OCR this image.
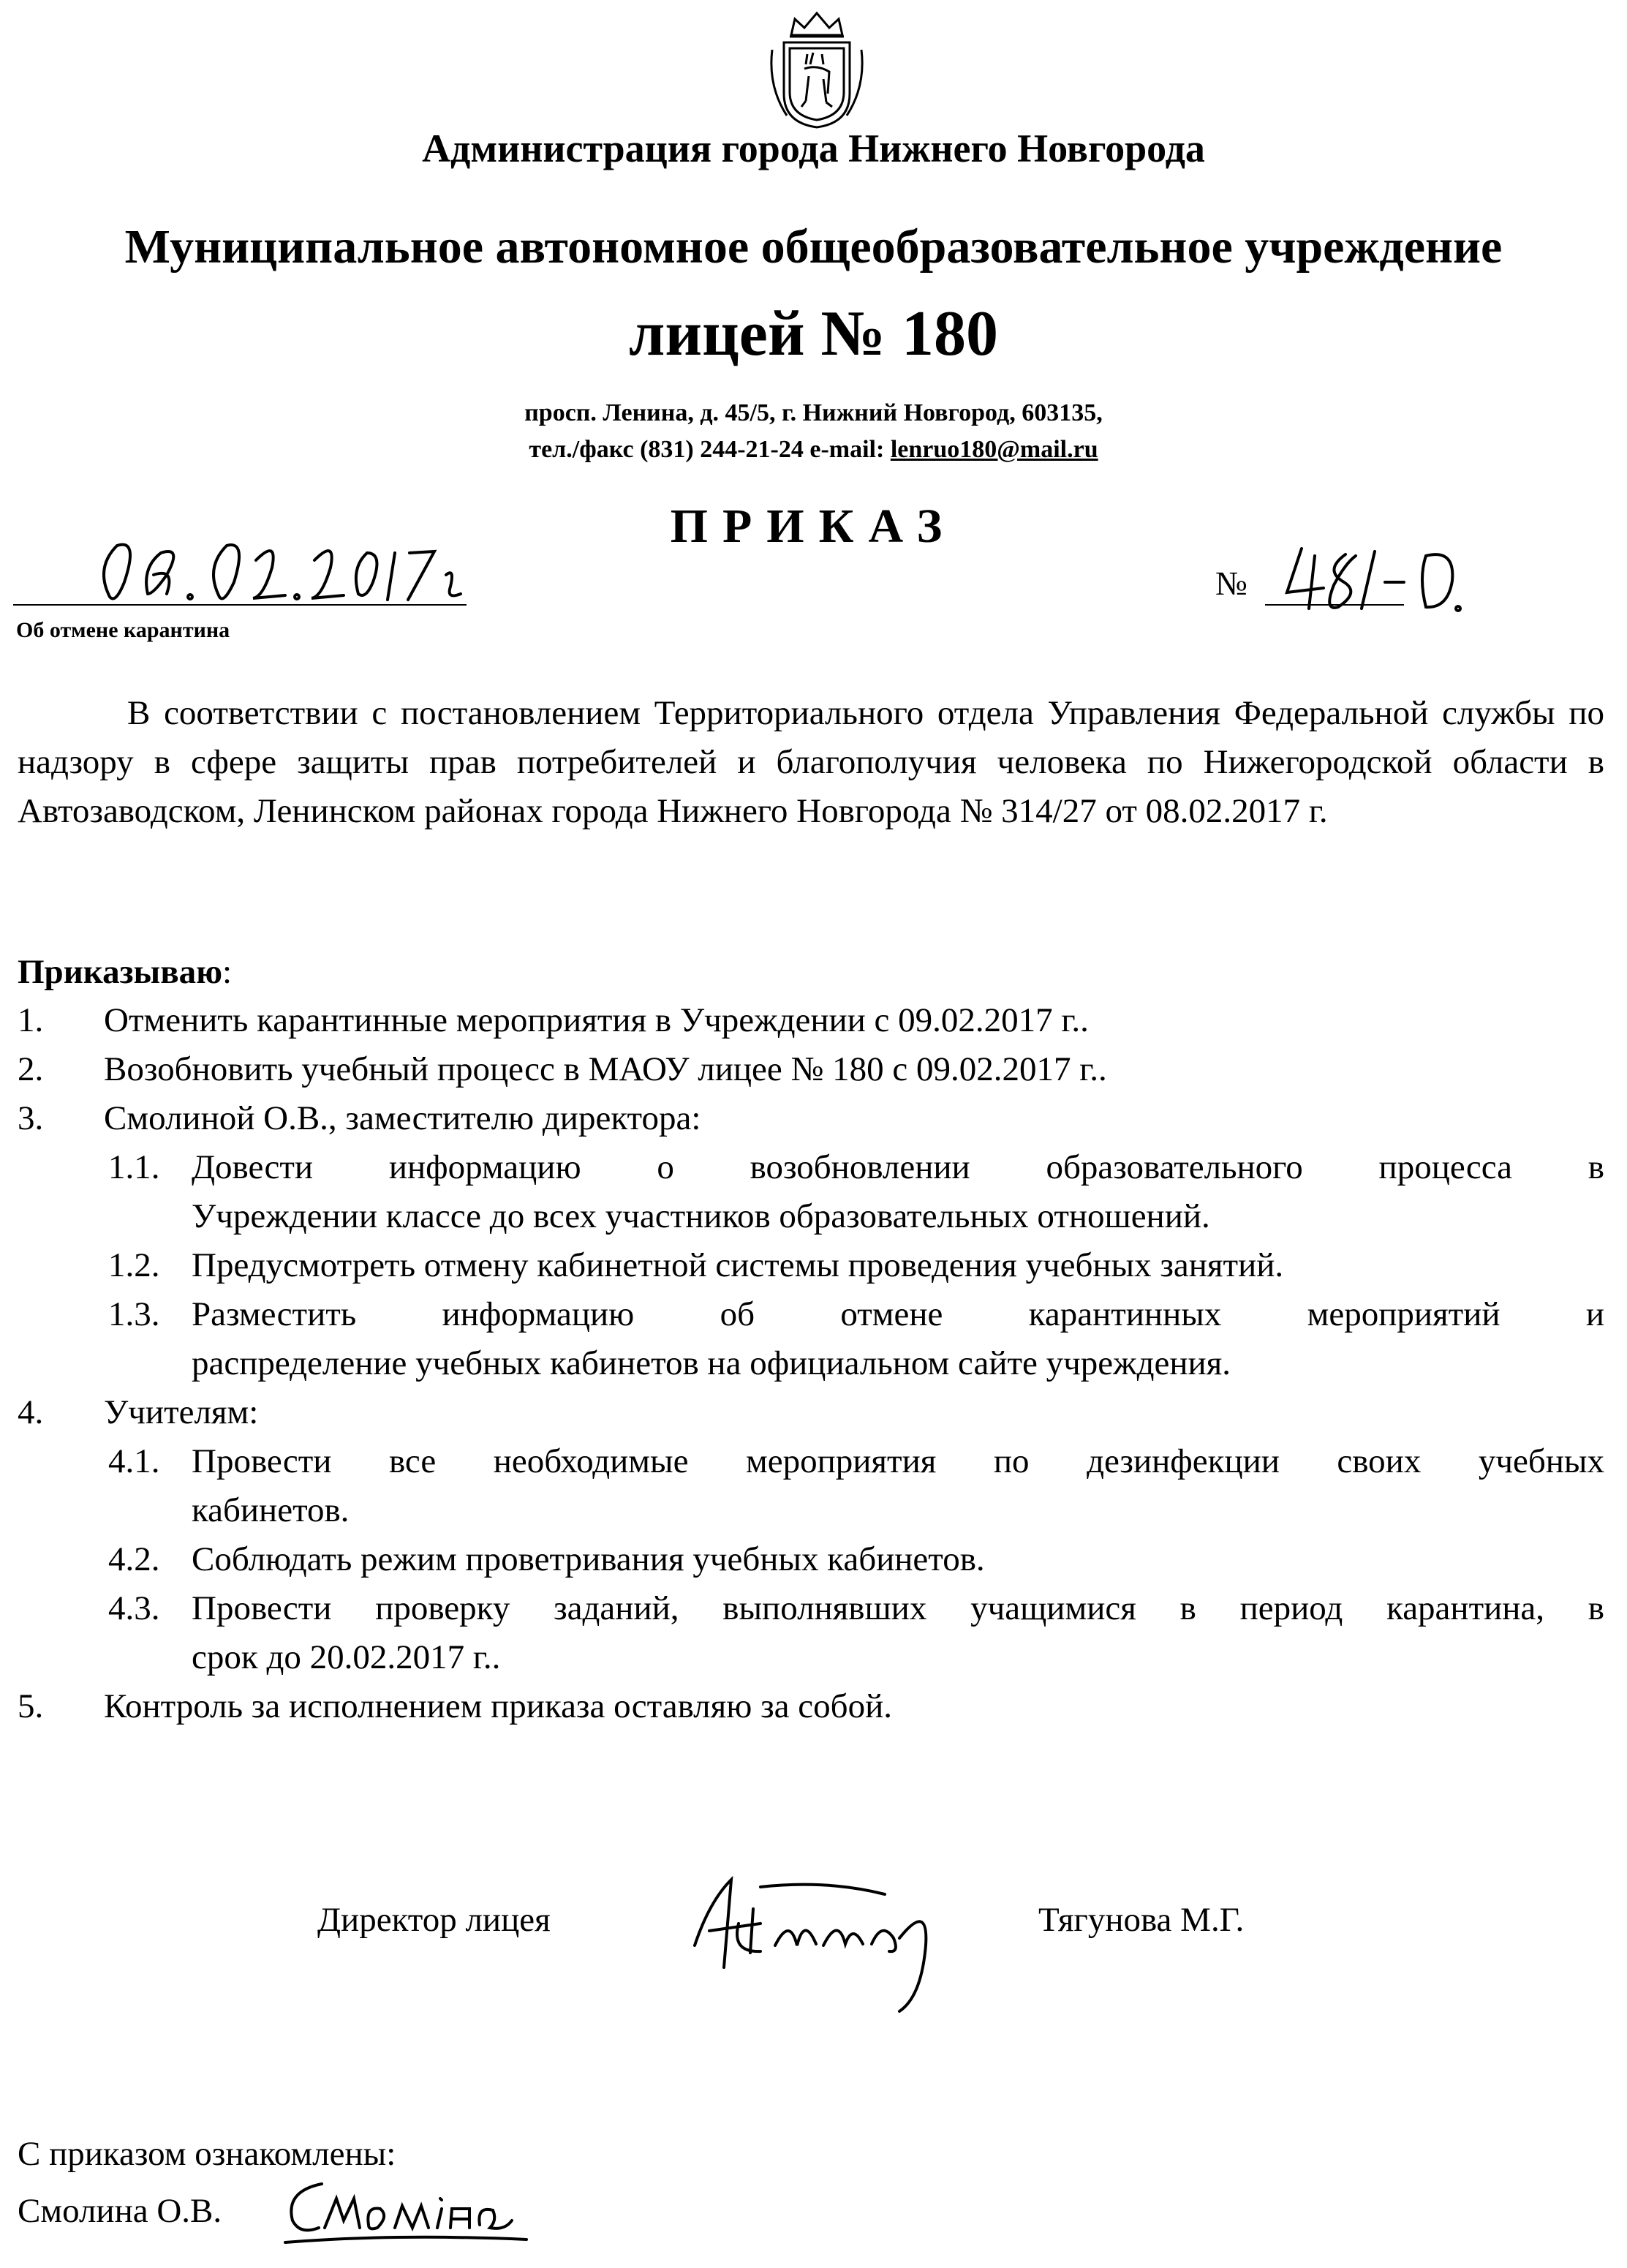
Администрация города Нижнего Новгорода
Муниципальное автономное общеобразовательное учреждение
лицей № 180
просп. Ленина, д. 45/5, г. Нижний Новгород, 603135,
тел./факс (831) 244-21-24 e-mail: lenruo180@mail.ru
ПРИКАЗ
№
Об отмене карантина
В соответствии с постановлением Территориального отдела Управления Федеральной службы по надзору в сфере защиты прав потребителей и благополучия человека по Нижегородской области в Автозаводском, Ленинском районах города Нижнего Новгорода № 314/27 от 08.02.2017 г.
Приказываю:
1. Отменить карантинные мероприятия в Учреждении с 09.02.2017 г..
2. Возобновить учебный процесс в МАОУ лицее № 180 с 09.02.2017 г..
3. Смолиной О.В., заместителю директора:
1.1. Довести информацию о возобновлении образовательного процесса в
Учреждении классе до всех участников образовательных отношений.
1.2. Предусмотреть отмену кабинетной системы проведения учебных занятий.
1.3. Разместить информацию об отмене карантинных мероприятий и
распределение учебных кабинетов на официальном сайте учреждения.
4. Учителям:
4.1. Провести все необходимые мероприятия по дезинфекции своих учебных
кабинетов.
4.2. Соблюдать режим проветривания учебных кабинетов.
4.3. Провести проверку заданий, выполнявших учащимися в период карантина, в
срок до 20.02.2017 г..
5. Контроль за исполнением приказа оставляю за собой.
Директор лицея	Тягунова М.Г.
С приказом ознакомлены:
Смолина О.В.
